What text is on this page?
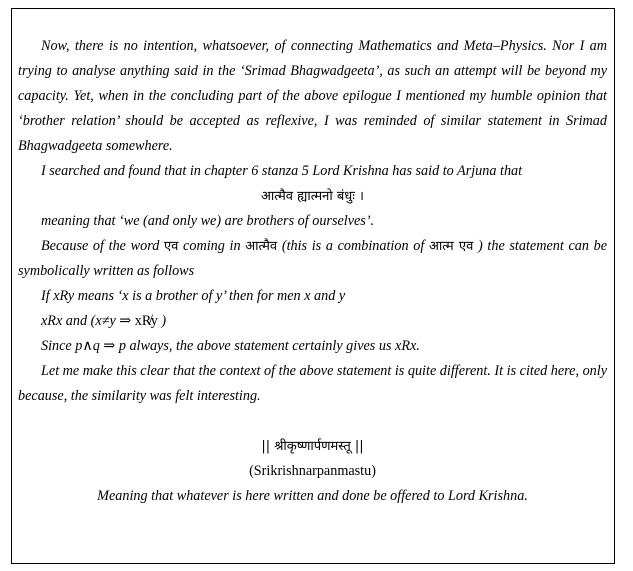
Now, there is no intention, whatsoever, of connecting Mathematics and Meta–Physics. Nor I am trying to analyse anything said in the ‘Srimad Bhagwadgeeta’, as such an attempt will be beyond my capacity. Yet, when in the concluding part of the above epilogue I mentioned my humble opinion that ‘brother relation’ should be accepted as reflexive, I was reminded of similar statement in Srimad Bhagwadgeeta somewhere.

I searched and found that in chapter 6 stanza 5 Lord Krishna has said to Arjuna that

आत्मैव ह्यात्मनो बंधुः ।

meaning that ‘we (and only we) are brothers of ourselves’.

Because of the word एव coming in आत्मैव (this is a combination of आत्म एव ) the statement can be symbolically written as follows

If xRy means ‘x is a brother of y’ then for men x and y

xRx and (x≠y ⇒ xR̸y )

Since p∧q ⇒ p always, the above statement certainly gives us xRx.

Let me make this clear that the context of the above statement is quite different. It is cited here, only because, the similarity was felt interesting.

|| श्रीकृष्णार्पणमस्तू ||

(Srikrishnarpanmastu)

Meaning that whatever is here written and done be offered to Lord Krishna.
